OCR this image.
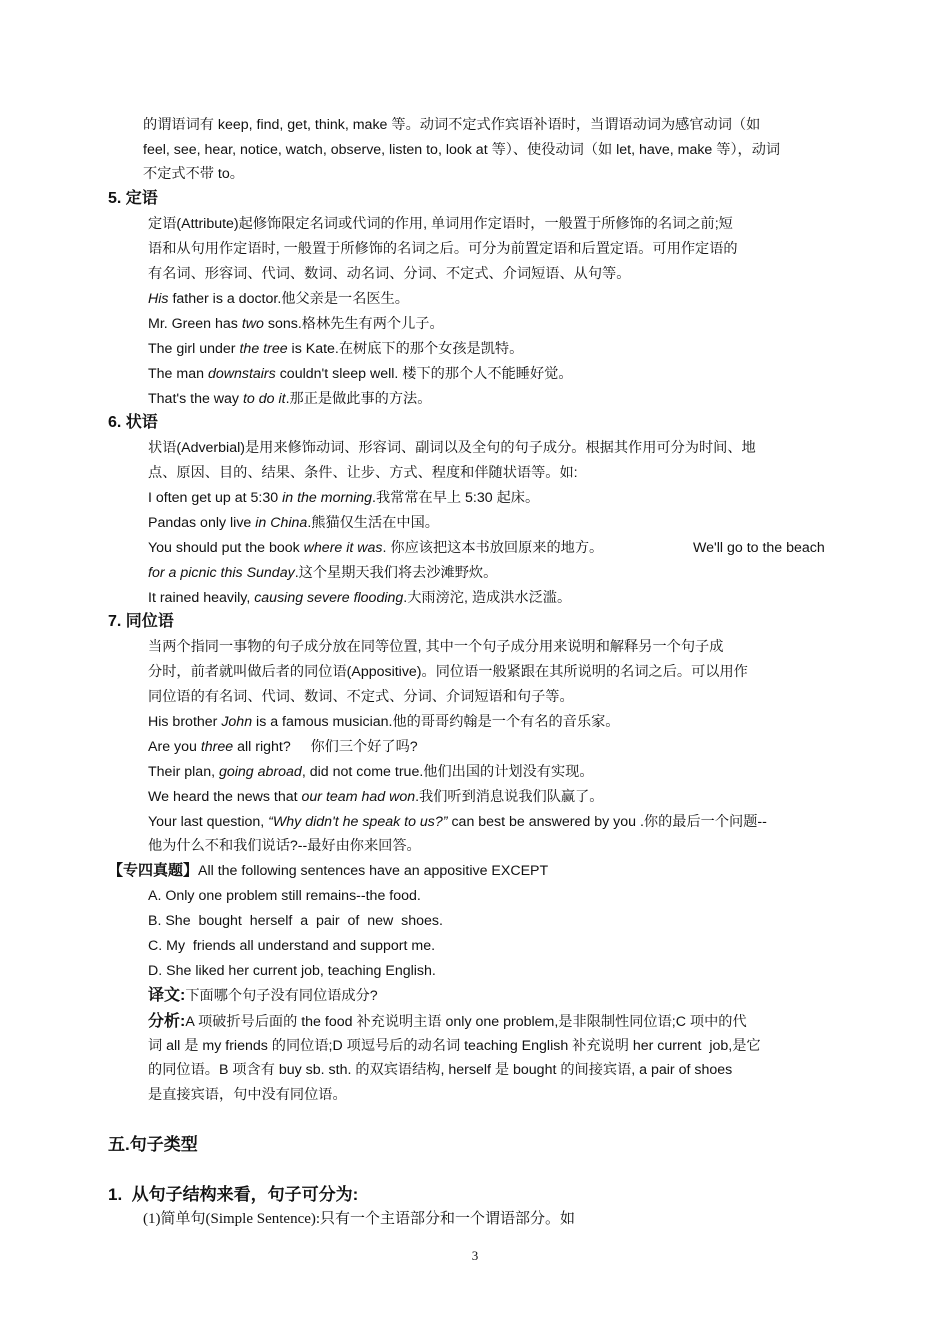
的谓语词有 keep, find, get, think, make 等。动词不定式作宾语补语时，当谓语动词为感官动词（如
feel, see, hear, notice, watch, observe, listen to, look at 等）、使役动词（如 let, have, make 等），动词
不定式不带 to。
5. 定语
定语(Attribute)起修饰限定名词或代词的作用, 单词用作定语时，一般置于所修饰的名词之前;短
语和从句用作定语时, 一般置于所修饰的名词之后。可分为前置定语和后置定语。可用作定语的
有名词、形容词、代词、数词、动名词、分词、不定式、介词短语、从句等。
His father is a doctor.他父亲是一名医生。
Mr. Green has two sons.格林先生有两个儿子。
The girl under the tree is Kate.在树底下的那个女孩是凯特。
The man downstairs couldn't sleep well. 楼下的那个人不能睡好觉。
That's the way to do it.那正是做此事的方法。
6. 状语
状语(Adverbial)是用来修饰动词、形容词、副词以及全句的句子成分。根据其作用可分为时间、地
点、原因、目的、结果、条件、让步、方式、程度和伴随状语等。如:
I often get up at 5:30 in the morning.我常常在早上 5:30 起床。
Pandas only live in China.熊猫仅生活在中国。
You should put the book where it was. 你应该把这本书放回原来的地方。	We'll go to the beach
for a picnic this Sunday.这个星期天我们将去沙滩野炊。
It rained heavily, causing severe flooding.大雨滂沱, 造成洪水泛滥。
7. 同位语
当两个指同一事物的句子成分放在同等位置, 其中一个句子成分用来说明和解释另一个句子成
分时，前者就叫做后者的同位语(Appositive)。同位语一般紧跟在其所说明的名词之后。可以用作
同位语的有名词、代词、数词、不定式、分词、介词短语和句子等。
His brother John is a famous musician.他的哥哥约翰是一个有名的音乐家。
Are you three all right?     你们三个好了吗?
Their plan, going abroad, did not come true.他们出国的计划没有实现。
We heard the news that our team had won.我们听到消息说我们队赢了。
Your last question, “Why didn't he speak to us?” can best be answered by you .你的最后一个问题--
他为什么不和我们说话?--最好由你来回答。
【专四真题】All the following sentences have an appositive EXCEPT
A. Only one problem still remains--the food.
B. She  bought  herself  a  pair  of  new  shoes.
C. My  friends all understand and support me.
D. She liked her current job, teaching English.
译文:下面哪个句子没有同位语成分?
分析:A 项破折号后面的 the food 补充说明主语 only one problem,是非限制性同位语;C 项中的代
词 all 是 my friends 的同位语;D 项逗号后的动名词 teaching English 补充说明 her current  job,是它
的同位语。B 项含有 buy sb. sth. 的双宾语结构, herself 是 bought 的间接宾语, a pair of shoes
是直接宾语，句中没有同位语。
五.句子类型
1.  从句子结构来看，句子可分为:
(1)简单句(Simple Sentence):只有一个主语部分和一个谓语部分。如
3
